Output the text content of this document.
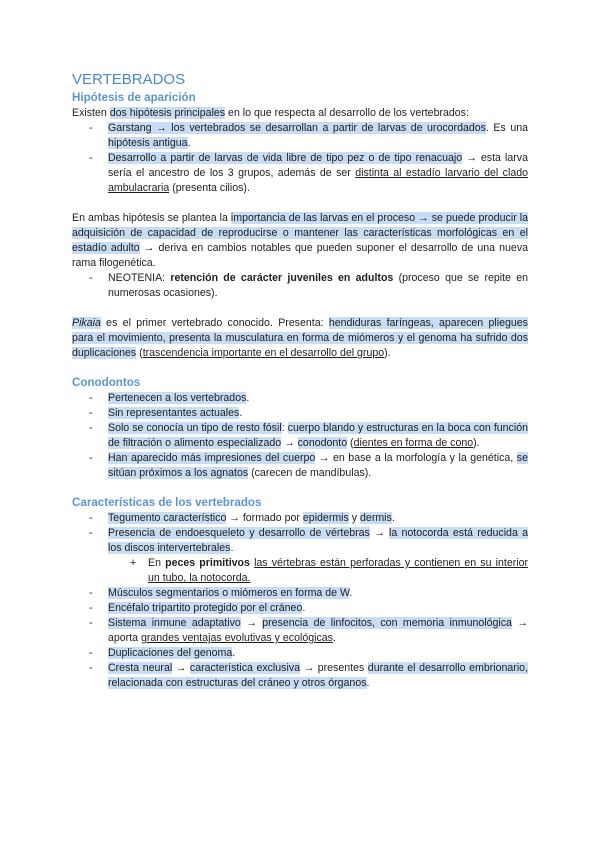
VERTEBRADOS
Hipótesis de aparición

Existen dos hipótesis principales en lo que respecta al desarrollo de los vertebrados:

- Garstang → los vertebrados se desarrollan a partir de larvas de urocordados. Es una hipótesis antigua.
- Desarrollo a partir de larvas de vida libre de tipo pez o de tipo renacuajo → esta larva sería el ancestro de los 3 grupos, además de ser distinta al estadío larvario del clado ambulacraria (presenta cilios).

En ambas hipótesis se plantea la importancia de las larvas en el proceso → se puede producir la adquisición de capacidad de reproducirse o mantener las características morfológicas en el estadío adulto → deriva en cambios notables que pueden suponer el desarrollo de una nueva rama filogenética.

- NEOTENIA: retención de carácter juveniles en adultos (proceso que se repite en numerosas ocasiones).

Pikaia es el primer vertebrado conocido. Presenta: hendiduras faríngeas, aparecen pliegues para el movimiento, presenta la musculatura en forma de miómeros y el genoma ha sufrido dos duplicaciones (trascendencia importante en el desarrollo del grupo).

Conodontos
- Pertenecen a los vertebrados.
- Sin representantes actuales.
- Solo se conocía un tipo de resto fósil: cuerpo blando y estructuras en la boca con función de filtración o alimento especializado → conodonto (dientes en forma de cono).
- Han aparecido más impresiones del cuerpo → en base a la morfología y la genética, se sitúan próximos a los agnatos (carecen de mandíbulas).
Características de los vertebrados
- Tegumento característico → formado por epidermis y dermis.
- Presencia de endoesqueleto y desarrollo de vértebras → la notocorda está reducida a los discos intervertebrales.
+ En peces primitivos las vértebras están perforadas y contienen en su interior un tubo, la notocorda.
- Músculos segmentarios o miómeros en forma de W.
- Encéfalo tripartito protegido por el cráneo.
- Sistema inmune adaptativo → presencia de linfocitos, con memoria inmunológica → aporta grandes ventajas evolutivas y ecológicas.
- Duplicaciones del genoma.
- Cresta neural → característica exclusiva → presentes durante el desarrollo embrionario, relacionada con estructuras del cráneo y otros órganos.
